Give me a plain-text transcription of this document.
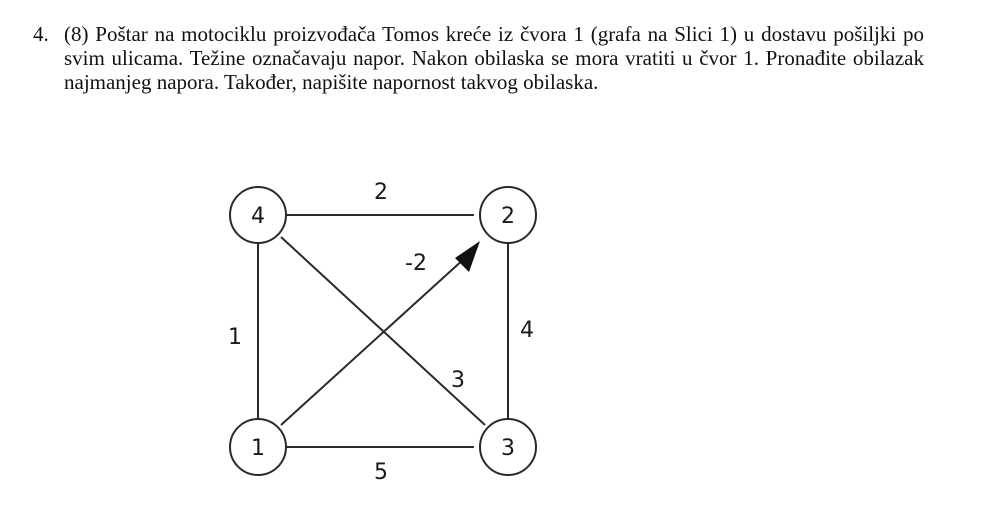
4. (8) Poštar na motociklu proizvođača Tomos kreće iz čvora 1 (grafa na Slici 1) u dostavu pošiljki po svim ulicama. Težine označavaju napor. Nakon obilaska se mora vratiti u čvor 1. Pronađite obilazak najmanjeg napora. Također, napišite napornost takvog obilaska.
2
-2
1	4
3
5
4	2
1	3
